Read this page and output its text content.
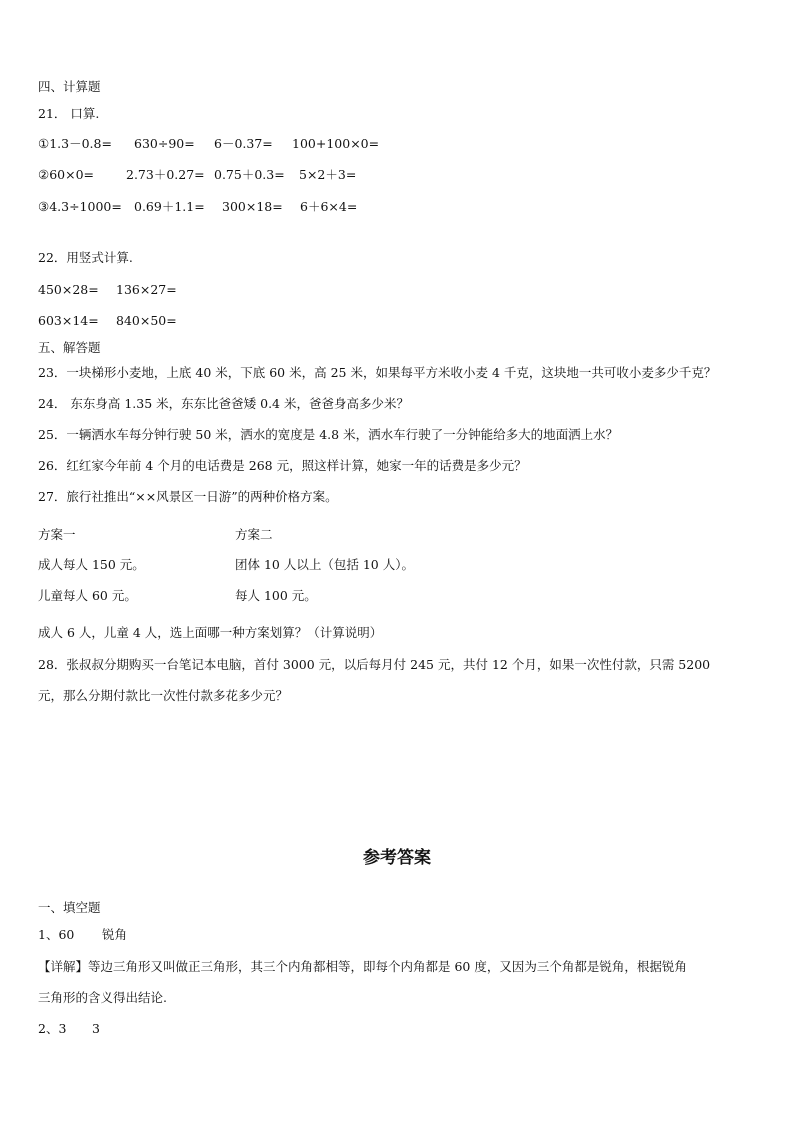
四、计算题
21． 口算.
①1.3－0.8= 630÷90= 6－0.37= 100+100×0=
②60×0=	2.73＋0.27= 0.75＋0.3= 5×2＋3=
③4.3÷1000= 0.69＋1.1= 300×18= 6＋6×4=
22．用竖式计算.
450×28= 136×27=
603×14= 840×50=
五、解答题
23．一块梯形小麦地，上底 40 米，下底 60 米，高 25 米，如果每平方米收小麦 4 千克，这块地一共可收小麦多少千克？
24． 东东身高 1.35 米，东东比爸爸矮 0.4 米，爸爸身高多少米？
25．一辆洒水车每分钟行驶 50 米，洒水的宽度是 4.8 米，洒水车行驶了一分钟能给多大的地面洒上水？
26．红红家今年前 4 个月的电话费是 268 元，照这样计算，她家一年的话费是多少元？
27．旅行社推出“××风景区一日游”的两种价格方案。
方案一	方案二
成人每人 150 元。	团体 10 人以上（包括 10 人）。
儿童每人 60 元。	每人 100 元。
成人 6 人，儿童 4 人，选上面哪一种方案划算？（计算说明）
28．张叔叔分期购买一台笔记本电脑，首付 3000 元，以后每月付 245 元，共付 12 个月，如果一次性付款，只需 5200
元，那么分期付款比一次性付款多花多少元？
参考答案
一、填空题
1、60 锐角
【详解】等边三角形又叫做正三角形，其三个内角都相等，即每个内角都是 60 度，又因为三个角都是锐角，根据锐角
三角形的含义得出结论.
2、3 3
